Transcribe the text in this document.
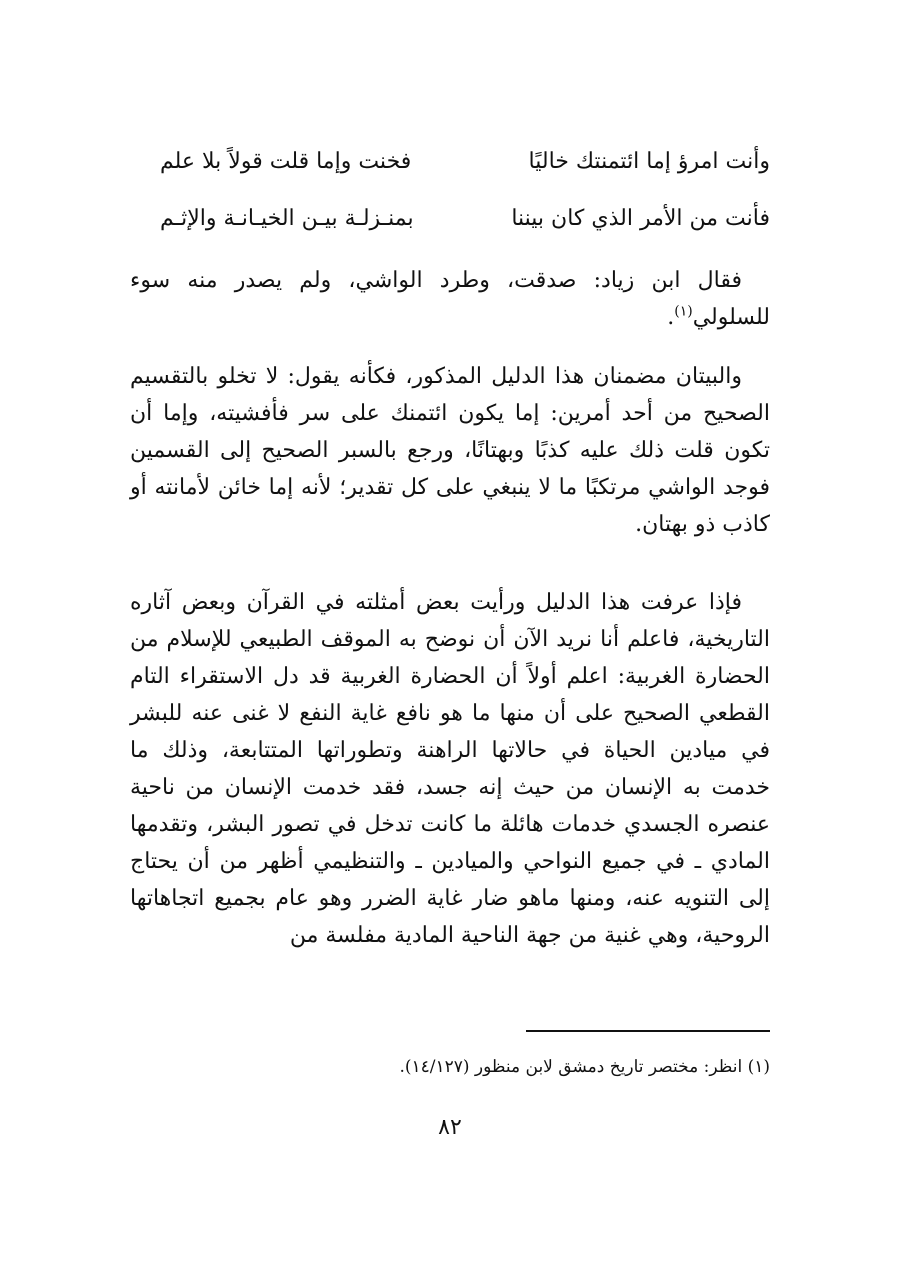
وأنت امرؤ إما ائتمنتك خاليًا
فخنت وإما قلت قولاً بلا علم
فأنت من الأمر الذي كان بيننا
بمنـزلـة بيـن الخيـانـة والإثـم

فقال ابن زياد: صدقت، وطرد الواشي، ولم يصدر منه سوء للسلولي$^{(١)}$.

والبيتان مضمنان هذا الدليل المذكور، فكأنه يقول: لا تخلو بالتقسيم الصحيح من أحد أمرين: إما يكون ائتمنك على سر فأفشيته، وإما أن تكون قلت ذلك عليه كذبًا وبهتانًا، ورجع بالسبر الصحيح إلى القسمين فوجد الواشي مرتكبًا ما لا ينبغي على كل تقدير؛ لأنه إما خائن لأمانته أو كاذب ذو بهتان.

فإذا عرفت هذا الدليل ورأيت بعض أمثلته في القرآن وبعض آثاره التاريخية، فاعلم أنا نريد الآن أن نوضح به الموقف الطبيعي للإسلام من الحضارة الغربية: اعلم أولاً أن الحضارة الغربية قد دل الاستقراء التام القطعي الصحيح على أن منها ما هو نافع غاية النفع لا غنى عنه للبشر في ميادين الحياة في حالاتها الراهنة وتطوراتها المتتابعة، وذلك ما خدمت به الإنسان من حيث إنه جسد، فقد خدمت الإنسان من ناحية عنصره الجسدي خدمات هائلة ما كانت تدخل في تصور البشر، وتقدمها المادي ـ في جميع النواحي والميادين ـ والتنظيمي أظهر من أن يحتاج إلى التنويه عنه، ومنها ماهو ضار غاية الضرر وهو عام بجميع اتجاهاتها الروحية، وهي غنية من جهة الناحية المادية مفلسة من

(١) انظر: مختصر تاريخ دمشق لابن منظور (١٤/١٢٧).

٨٢
